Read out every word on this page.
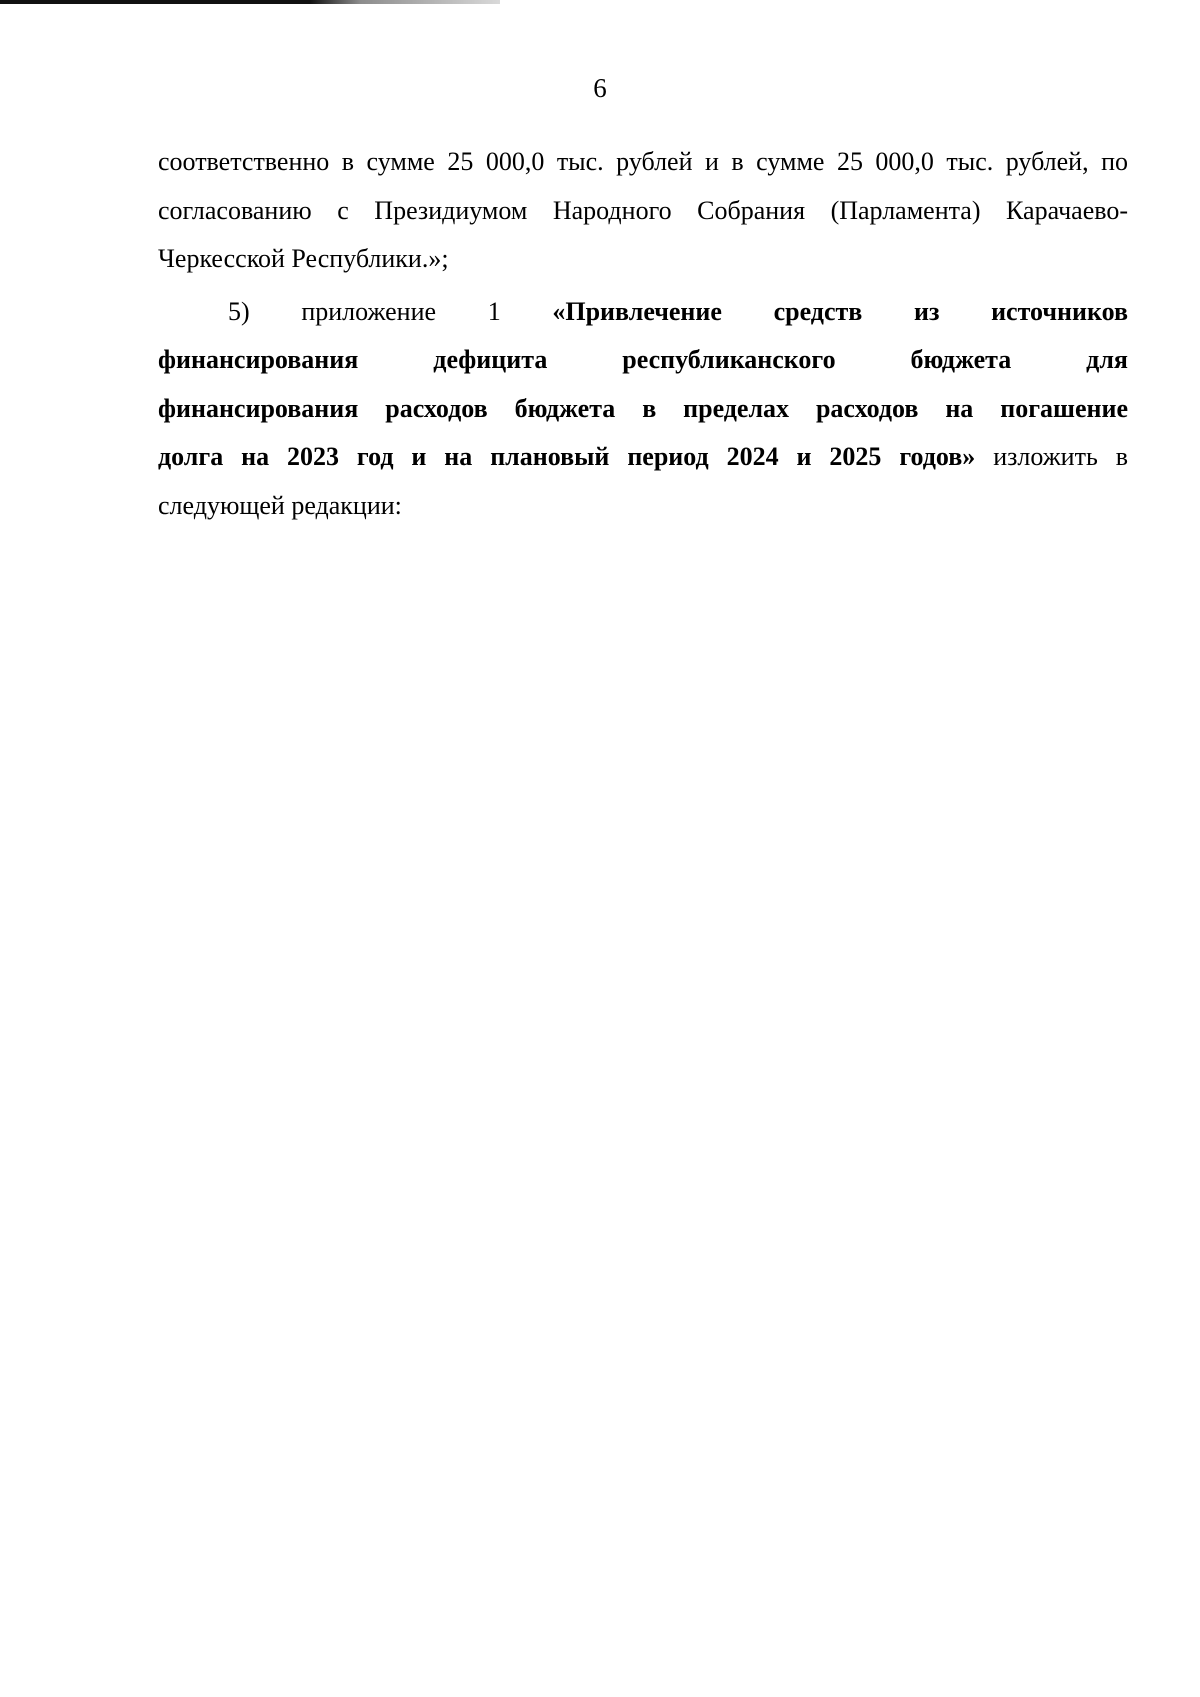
6
соответственно в сумме 25 000,0 тыс. рублей и в сумме 25 000,0 тыс. рублей, по
согласованию с Президиумом Народного Собрания (Парламента) Карачаево-
Черкесской Республики.»;
5) приложение 1 «Привлечение средств из источников
финансирования дефицита республиканского бюджета для
финансирования расходов бюджета в пределах расходов на погашение
долга на 2023 год и на плановый период 2024 и 2025 годов» изложить в
следующей редакции:
